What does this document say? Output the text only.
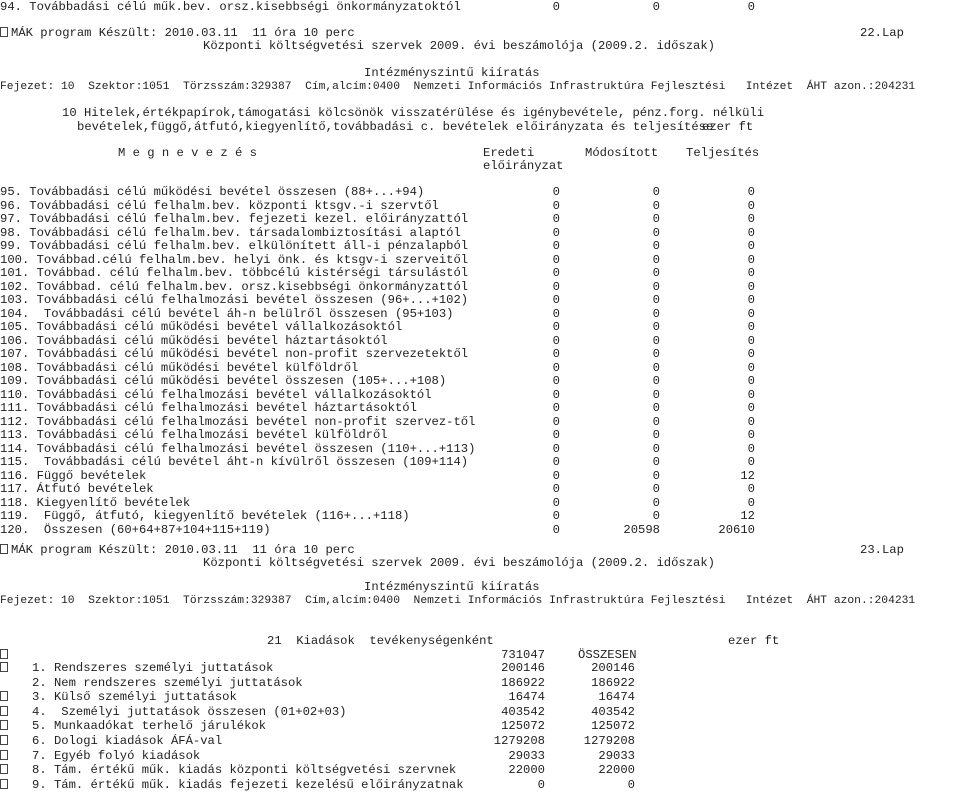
94. Továbbadási célú műk.bev. orsz.kisebbségi önkormányzatoktól	0	0	0
MÁK program Készült: 2010.03.11  11 óra 10 perc	22.Lap
Központi költségvetési szervek 2009. évi beszámolója (2009.2. időszak)
Intézményszintű kiíratás
Fejezet: 10  Szektor:1051  Törzsszám:329387  Cím,alcím:0400  Nemzeti Információs Infrastruktúra Fejlesztési   Intézet  ÁHT azon.:204231
10 Hitelek,értékpapírok,támogatási kölcsönök visszatérülése és igénybevétele, pénz.forg. nélküli
bevételek,függő,átfutó,kiegyenlítő,továbbadási c. bevételek előirányzata és teljesítése
ezer ft
M e g n e v e z é s	Eredeti
előirányzat
Módosított Teljesítés
95. Továbbadási célú működési bevétel összesen (88+...+94)	0	0	0
96. Továbbadási célú felhalm.bev. központi ktsgv.-i szervtől	0	0	0
97. Továbbadási célú felhalm.bev. fejezeti kezel. előirányzattól	0	0	0
98. Továbbadási célú felhalm.bev. társadalombiztosítási alaptól	0	0	0
99. Továbbadási célú felhalm.bev. elkülönített áll-i pénzalapból	0	0	0
100. Továbbad.célú felhalm.bev. helyi önk. és ktsgv-i szerveitől	0	0	0
101. Továbbad. célú felhalm.bev. többcélú kistérségi társulástól	0	0	0
102. Továbbad. célú felhalm.bev. orsz.kisebbségi önkormányzattól	0	0	0
103. Továbbadási célú felhalmozási bevétel összesen (96+...+102)	0	0	0
104.  Továbbadási célú bevétel áh-n belülről összesen (95+103)	0	0	0
105. Továbbadási célú működési bevétel vállalkozásoktól	0	0	0
106. Továbbadási célú működési bevétel háztartásoktól	0	0	0
107. Továbbadási célú működési bevétel non-profit szervezetektől	0	0	0
108. Továbbadási célú működési bevétel külföldről	0	0	0
109. Továbbadási célú működési bevétel összesen (105+...+108)	0	0	0
110. Továbbadási célú felhalmozási bevétel vállalkozásoktól	0	0	0
111. Továbbadási célú felhalmozási bevétel háztartásoktól	0	0	0
112. Továbbadási célú felhalmozási bevétel non-profit szervez-től	0	0	0
113. Továbbadási célú felhalmozási bevétel külföldről	0	0	0
114. Továbbadási célú felhalmozási bevétel összesen (110+...+113)	0	0	0
115.  Továbbadási célú bevétel áht-n kívülről összesen (109+114)	0	0	0
116. Függő bevételek	0	0	12
117. Átfutó bevételek	0	0	0
118. Kiegyenlítő bevételek	0	0	0
119.  Függő, átfutó, kiegyenlítő bevételek (116+...+118)	0	0	12
120.  Összesen (60+64+87+104+115+119)	0	20598	20610
MÁK program Készült: 2010.03.11  11 óra 10 perc	23.Lap
Központi költségvetési szervek 2009. évi beszámolója (2009.2. időszak)
Intézményszintű kiíratás
Fejezet: 10  Szektor:1051  Törzsszám:329387  Cím,alcím:0400  Nemzeti Információs Infrastruktúra Fejlesztési   Intézet  ÁHT azon.:204231
21  Kiadások  tevékenységenként	ezer ft
731047	ÖSSZESEN
1. Rendszeres személyi juttatások	200146	200146
2. Nem rendszeres személyi juttatások	186922	186922
3. Külső személyi juttatások	16474	16474
4.  Személyi juttatások összesen (01+02+03)	403542	403542
5. Munkaadókat terhelő járulékok	125072	125072
6. Dologi kiadások ÁFÁ-val	1279208	1279208
7. Egyéb folyó kiadások	29033	29033
8. Tám. értékű műk. kiadás központi költségvetési szervnek	22000	22000
9. Tám. értékű műk. kiadás fejezeti kezelésű előirányzatnak	0	0
